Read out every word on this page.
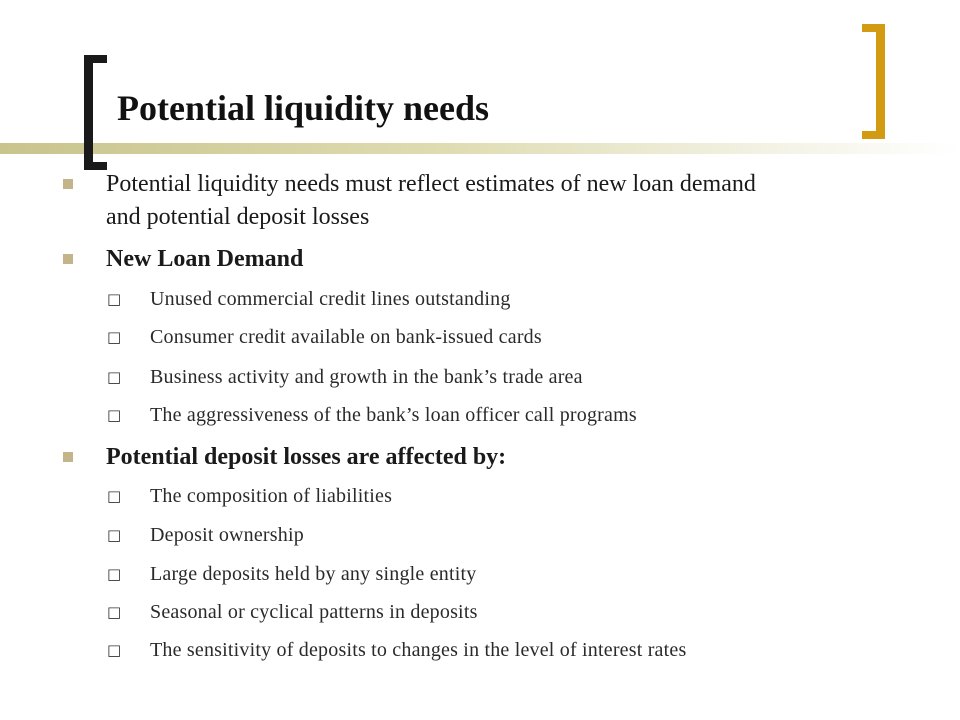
Potential liquidity needs
Potential liquidity needs must reflect estimates of new loan demand
and potential deposit losses
New Loan Demand
□ Unused commercial credit lines outstanding
□ Consumer credit available on bank-issued cards
□ Business activity and growth in the bank’s trade area
□ The aggressiveness of the bank’s loan officer call programs
Potential deposit losses are affected by:
□ The composition of liabilities
□ Deposit ownership
□ Large deposits held by any single entity
□ Seasonal or cyclical patterns in deposits
□ The sensitivity of deposits to changes in the level of interest rates
